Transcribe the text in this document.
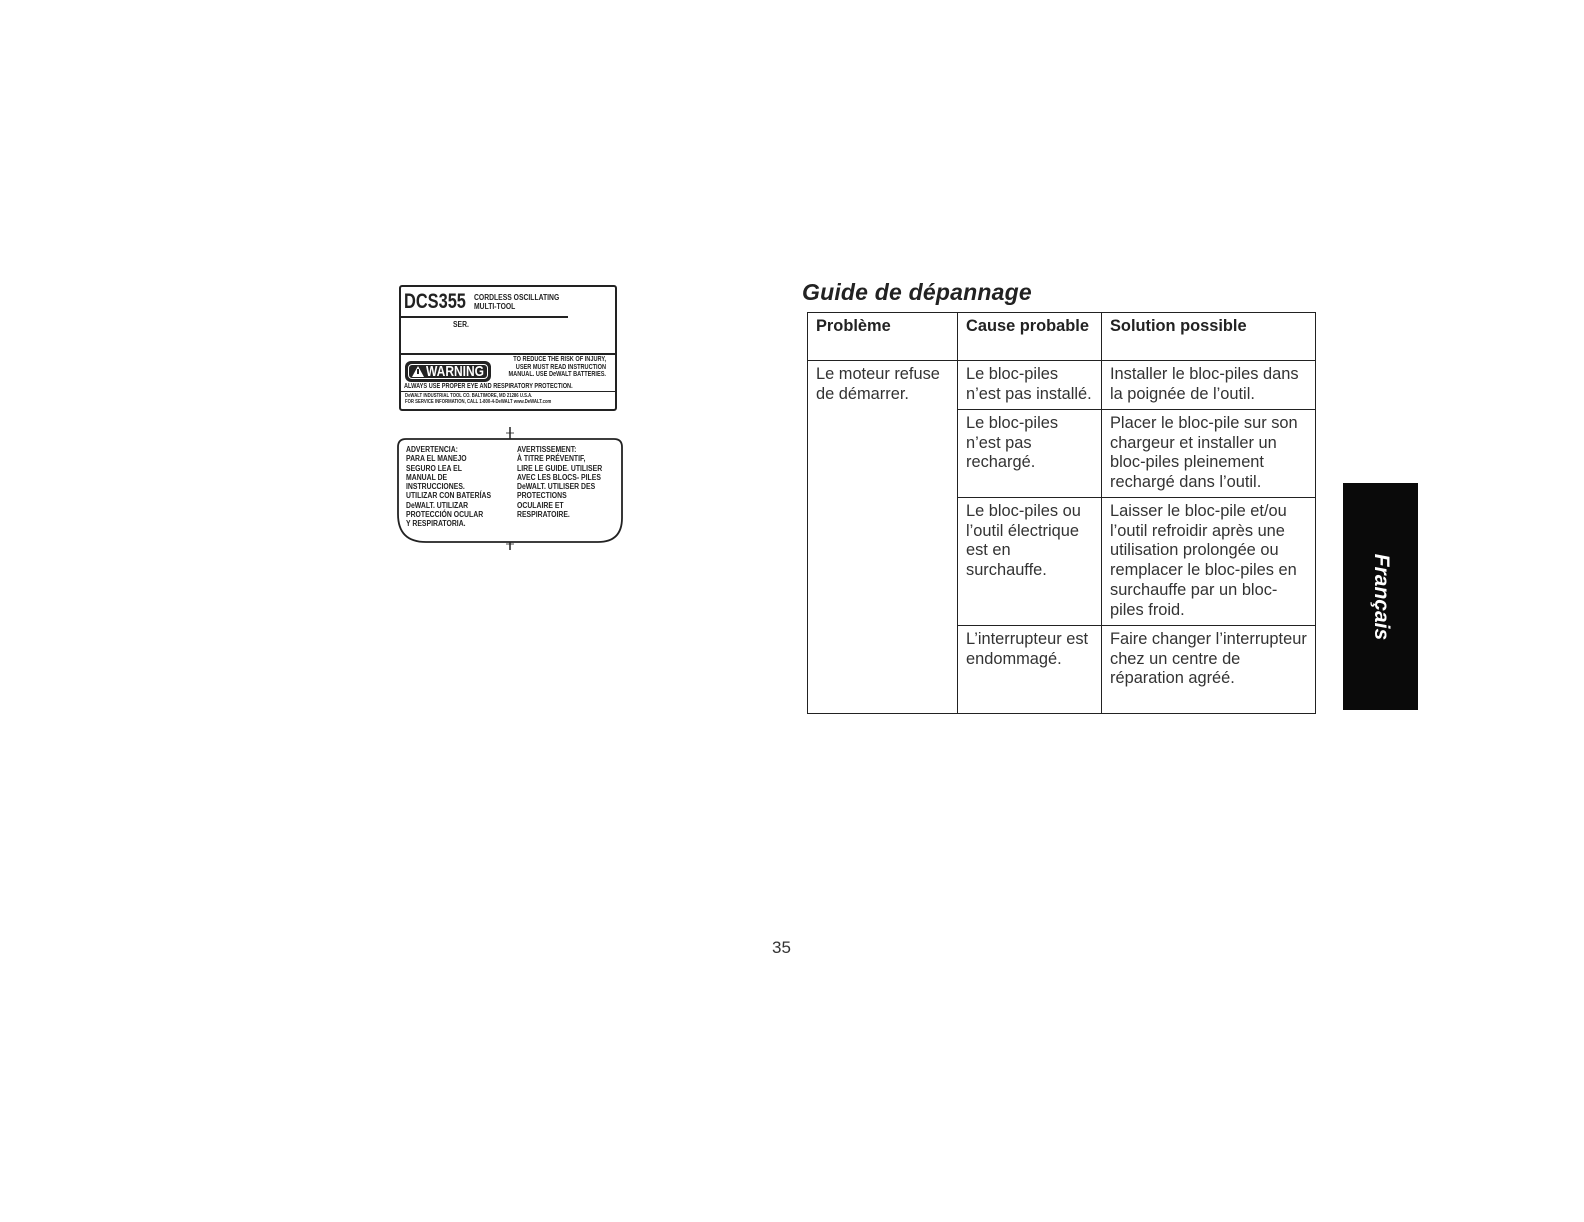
DCS355 CORDLESS OSCILLATING
MULTI-TOOL
SER.
WARNING
TO REDUCE THE RISK OF INJURY,
USER MUST READ INSTRUCTION
MANUAL. USE DeWALT BATTERIES.
ALWAYS USE PROPER EYE AND RESPIRATORY PROTECTION.
DeWALT INDUSTRIAL TOOL CO. BALTIMORE, MD 21286 U.S.A.
FOR SERVICE INFORMATION, CALL 1-800-4-DeWALT www.DeWALT.com
ADVERTENCIA:
PARA EL MANEJO
SEGURO LEA EL
MANUAL DE
INSTRUCCIONES.
UTILIZAR CON BATERÍAS
DeWALT. UTILIZAR
PROTECCIÓN OCULAR
Y RESPIRATORIA.
AVERTISSEMENT:
À TITRE PRÉVENTIF,
LIRE LE GUIDE. UTILISER
AVEC LES BLOCS- PILES
DeWALT. UTILISER DES
PROTECTIONS
OCULAIRE ET
RESPIRATOIRE.
Guide de dépannage
Problème	Cause probable	Solution possible
Le moteur refuse de démarrer.	Le bloc-piles n’est pas installé.	Installer le bloc-piles dans la poignée de l’outil.
	Le bloc-piles n’est pas rechargé.	Placer le bloc-pile sur son chargeur et installer un bloc-piles pleinement rechargé dans l’outil.
	Le bloc-piles ou l’outil électrique est en surchauffe.	Laisser le bloc-pile et/ou l’outil refroidir après une utilisation prolongée ou remplacer le bloc-piles en surchauffe par un bloc-piles froid.
	L’interrupteur est endommagé.	Faire changer l’interrupteur chez un centre de réparation agréé.
Français
35
